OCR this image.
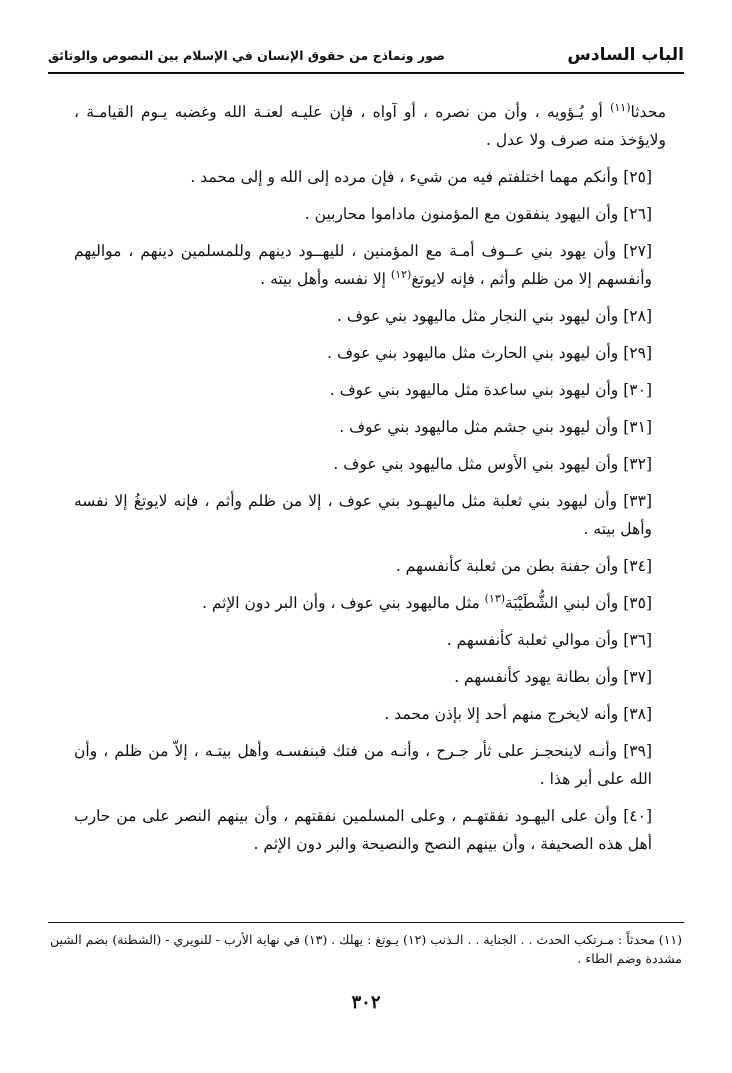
الباب السادس
صور ونماذج من حقوق الإنسان في الإسلام بين النصوص والوثائق

محدثا$^{(١١)}$ أو يُـؤويه ، وأن من نصره ، أو آواه ، فإن عليـه لعنـة الله وغضبه يـوم القيامـة ، ولايؤخذ منه صرف ولا عدل .

[٢٥] وأنكم مهما اختلفتم فيه من شيء ، فإن مرده إلى الله و إلى محمد .

[٢٦] وأن اليهود ينفقون مع المؤمنون ماداموا محاربين .

[٢٧] وأن يهود بني عــوف أمـة مع المؤمنين ، لليهــود دينهم وللمسلمين دينهم ، مواليهم وأنفسهم إلا من ظلم وأثم ، فإنه لايوتغ$^{(١٢)}$ إلا نفسه وأهل بيته .

[٢٨] وأن ليهود بني النجار مثل ماليهود بني عوف .

[٢٩] وأن ليهود بني الحارث مثل ماليهود بني عوف .

[٣٠] وأن ليهود بني ساعدة مثل ماليهود بني عوف .

[٣١] وأن ليهود بني جشم مثل ماليهود بني عوف .

[٣٢] وأن ليهود بني الأوس مثل ماليهود بني عوف .

[٣٣] وأن ليهود بني ثعلبة مثل ماليهـود بني عوف ، إلا من ظلم وأثم ، فإنه لايوتغُ إلا نفسه وأهل بيته .

[٣٤] وأن جفنة بطن من ثعلبة كأنفسهم .

[٣٥] وأن لبني الشُّطَيْبَة$^{(١٣)}$ مثل ماليهود بني عوف ، وأن البر دون الإثم .

[٣٦] وأن موالي ثعلبة كأنفسهم .

[٣٧] وأن بطانة يهود كأنفسهم .

[٣٨] وأنه لايخرج منهم أحد إلا بإذن محمد .

[٣٩] وأنـه لاينحجـز على ثأر جـرح ، وأنـه من فتك فبنفسـه وأهل بيتـه ، إلاّ من ظلم ، وأن الله على أبر هذا .

[٤٠] وأن على اليهـود نفقتهـم ، وعلى المسلمين نفقتهم ، وأن بينهم النصر على من حارب أهل هذه الصحيفة ، وأن بينهم النصح والنصيحة والبر دون الإثم .

(١١) محدثاً : مـرتكب الحدث . . الجناية . . الـذنب (١٢) يـوتغ : يهلك . (١٣) في نهاية الأرب - للنويري - (الشطنة) بضم الشين مشددة وضم الطاء .

٣٠٢
